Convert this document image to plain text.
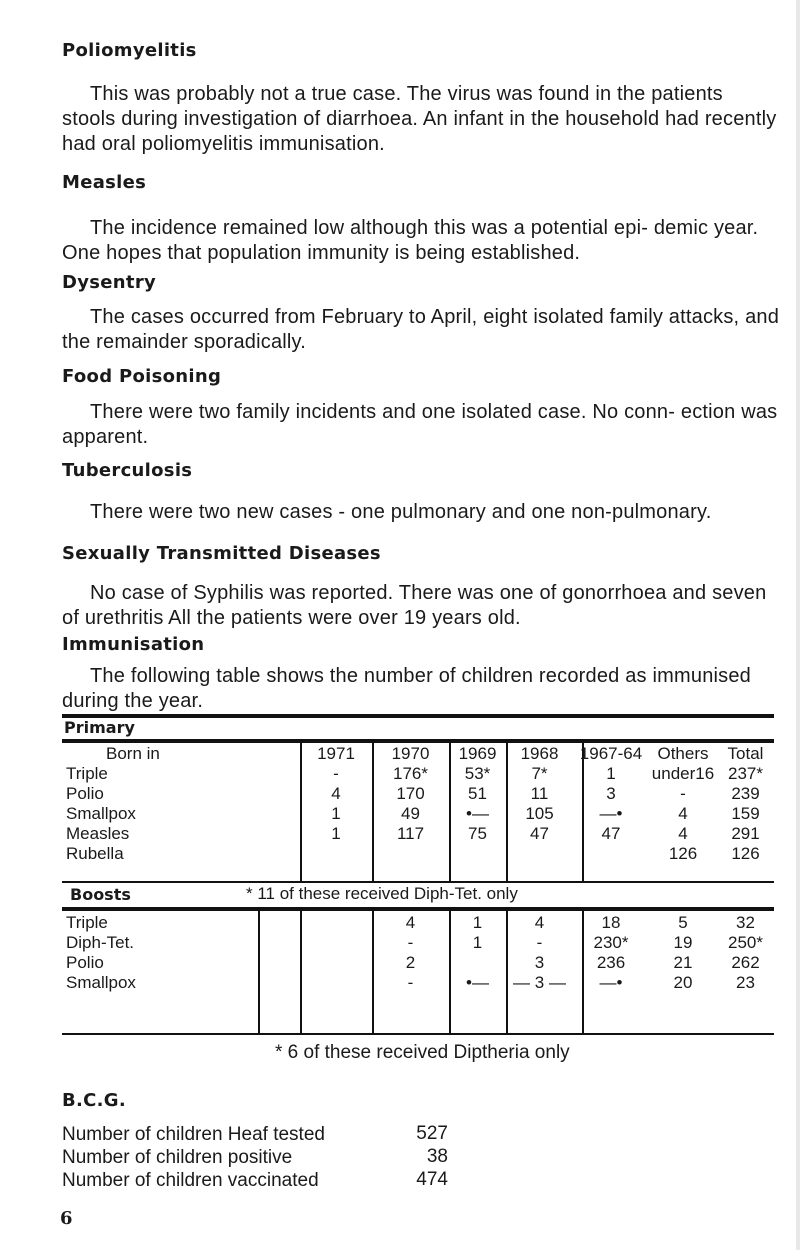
Poliomyelitis
This was probably not a true case. The virus was found in the patients stools during investigation of diarrhoea. An infant in the household had recently had oral poliomyelitis immunisation.
Measles
The incidence remained low although this was a potential epi- demic year. One hopes that population immunity is being established.
Dysentry
The cases occurred from February to April, eight isolated family attacks, and the remainder sporadically.
Food Poisoning
There were two family incidents and one isolated case. No conn- ection was apparent.
Tuberculosis
There were two new cases - one pulmonary and one non-pulmonary.
Sexually Transmitted Diseases
No case of Syphilis was reported. There was one of gonorrhoea and seven of urethritis All the patients were over 19 years old.
Immunisation
The following table shows the number of children recorded as immunised during the year.
Primary
Born in	1971	1970	1969	1968	1967-64	Others under16	Total
Triple	-	176*	53*	7*	1		237*
Polio	4	170	51	11	3	-	239
Smallpox	1	49	•—	105	—•	4	159
Measles	1	117	75	47	47	4	291
Rubella						126	126
Boosts	* 11 of these received Diph-Tet. only
Triple		4	1	4	18	5	32
Diph-Tet.		-	1	-	230*	19	250*
Polio		2		3	236	21	262
Smallpox		-	•—	— 3 —	—•	20	23
* 6 of these received Diptheria only
B.C.G.
Number of children Heaf tested	527
Number of children positive	38
Number of children vaccinated	474
6
